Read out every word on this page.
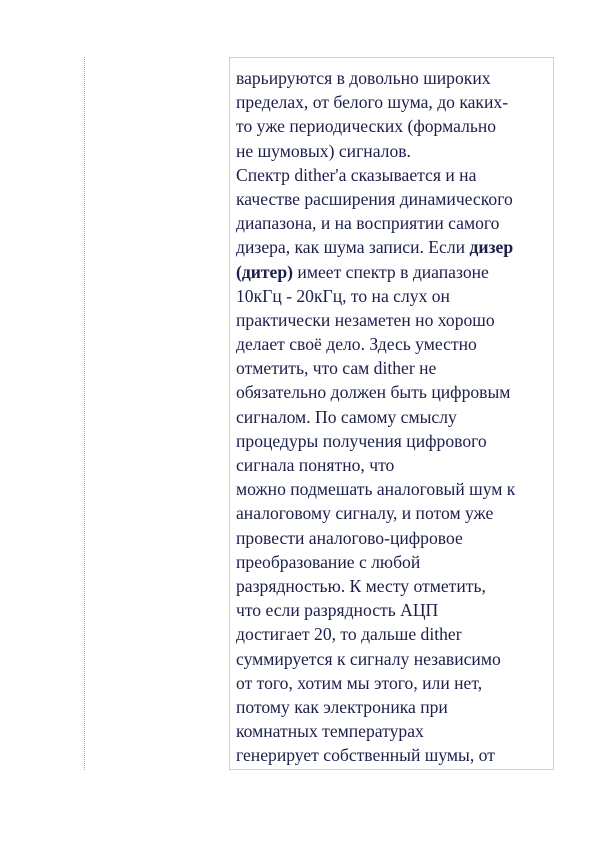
варьируются в довольно широких
пределах, от белого шума, до каких-
то уже периодических (формально
не шумовых) сигналов.
Спектр dither'a сказывается и на
качестве расширения динамического
диапазона, и на восприятии самого
дизера, как шума записи. Если дизер
(дитер) имеет спектр в диапазоне
10кГц - 20кГц, то на слух он
практически незаметен но хорошо
делает своё дело. Здесь уместно
отметить, что сам dither не
обязательно должен быть цифровым
сигналом. По самому смыслу
процедуры получения цифрового
сигнала понятно, что
можно подмешать аналоговый шум к
аналоговому сигналу, и потом уже
провести аналогово-цифровое
преобразование с любой
разрядностью. К месту отметить,
что если разрядность АЦП
достигает 20, то дальше dither
суммируется к сигналу независимо
от того, хотим мы этого, или нет,
потому как электроника при
комнатных температурах
генерирует собственный шумы, от
